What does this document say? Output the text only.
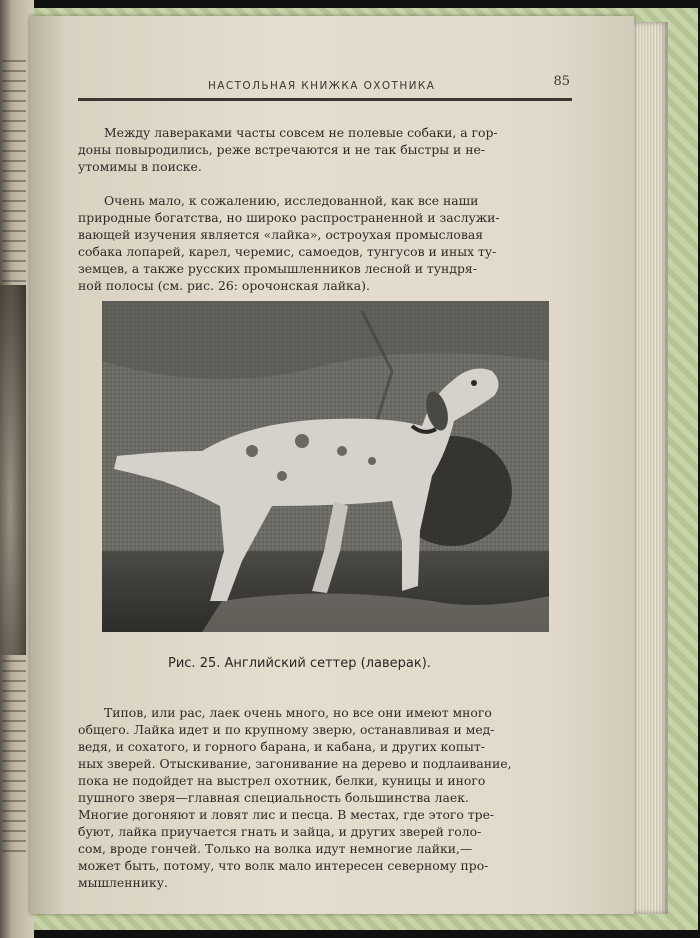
НАСТОЛЬНАЯ КНИЖКА ОХОТНИКА	85
Между лавераками часты совсем не полевые собаки, а гор-
доны повыродились, реже встречаются и не так быстры и не-
утомимы в поиске.
Очень мало, к сожалению, исследованной, как все наши
природные богатства, но широко распространенной и заслужи-
вающей изучения является «лайка», остроухая промысловая
собака лопарей, карел, черемис, самоедов, тунгусов и иных ту-
земцев, а также русских промышленников лесной и тундря-
ной полосы (см. рис. 26: орочонская лайка).
Рис. 25. Английский сеттер (лаверак).
Типов, или рас, лаек очень много, но все они имеют много
общего. Лайка идет и по крупному зверю, останавливая и мед-
ведя, и сохатого, и горного барана, и кабана, и других копыт-
ных зверей. Отыскивание, загонивание на дерево и подлаивание,
пока не подойдет на выстрел охотник, белки, куницы и иного
пушного зверя—главная специальность большинства лаек.
Многие догоняют и ловят лис и песца. В местах, где этого тре-
буют, лайка приучается гнать и зайца, и других зверей голо-
сом, вроде гончей. Только на волка идут немногие лайки,—
может быть, потому, что волк мало интересен северному про-
мышленнику.
